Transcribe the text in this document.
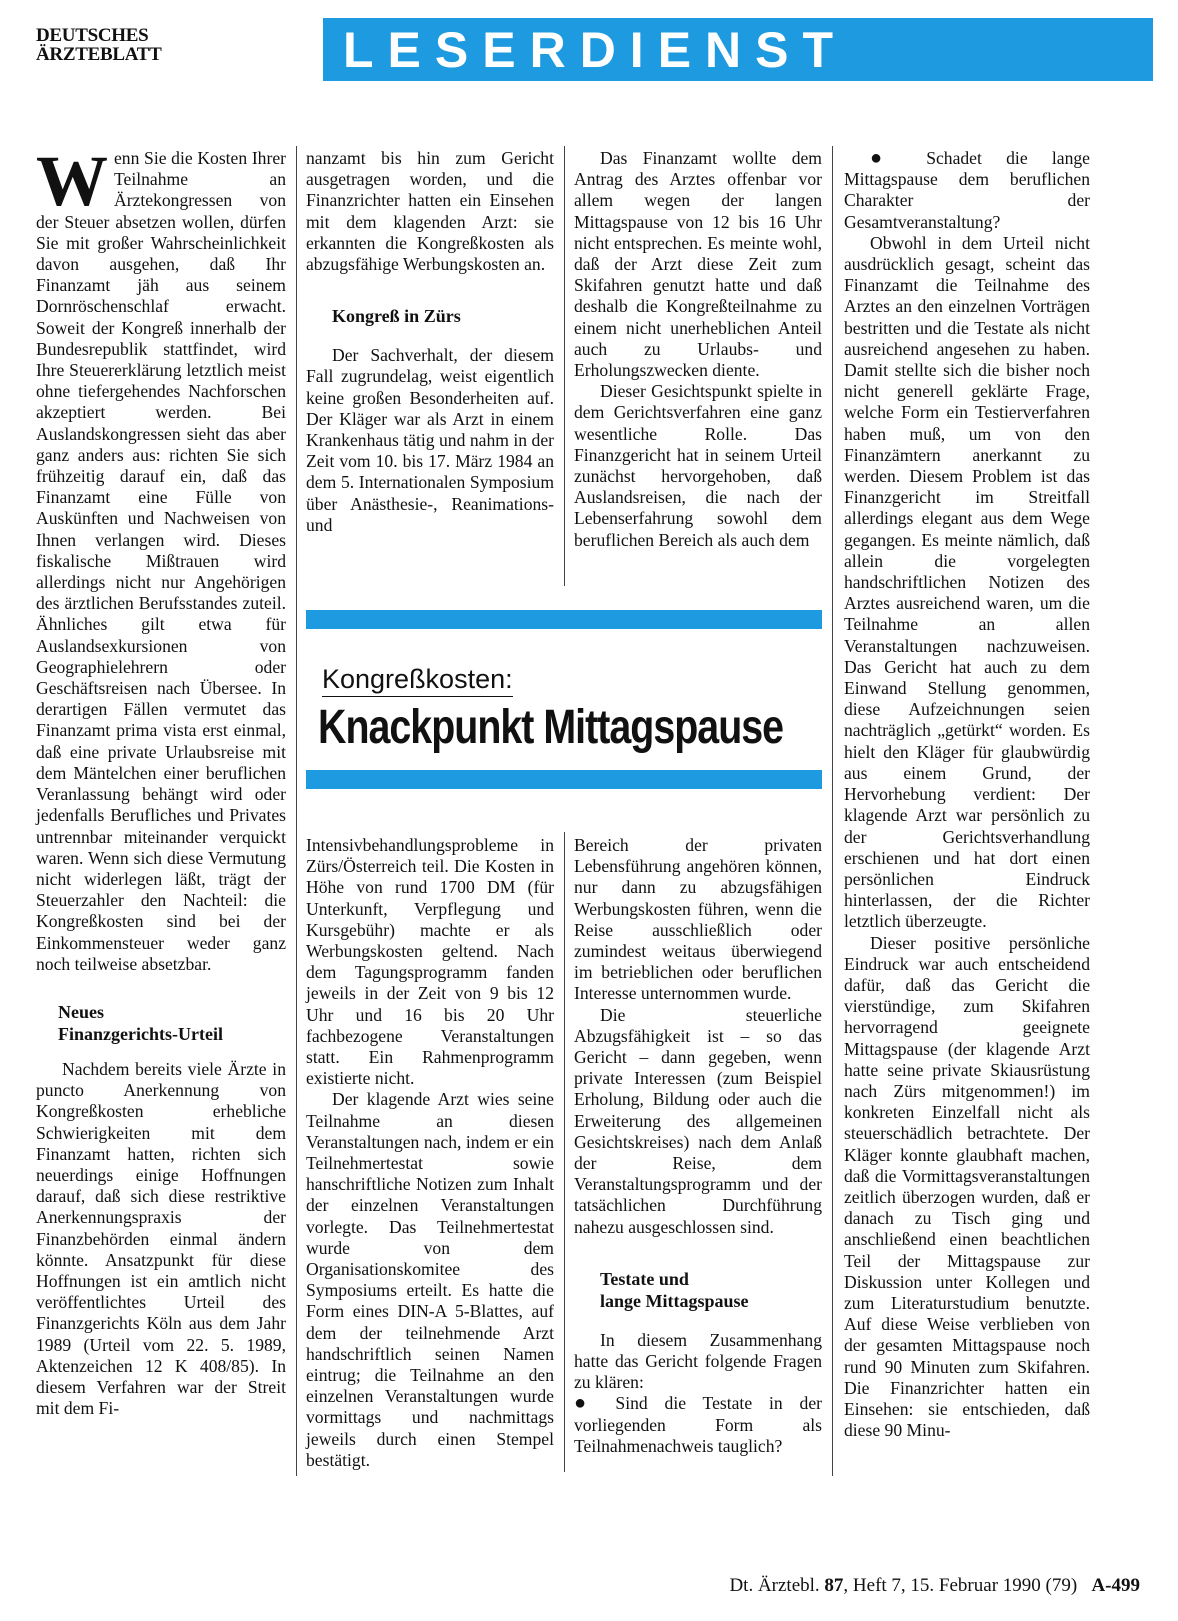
DEUTSCHES
ÄRZTEBLATT	LESERDIENST

Wenn Sie die Kosten Ihrer Teilnahme an Ärztekongressen von der Steuer absetzen wollen, dürfen Sie mit großer Wahrscheinlichkeit davon ausgehen, daß Ihr Finanzamt jäh aus seinem Dornröschenschlaf erwacht. Soweit der Kongreß innerhalb der Bundesrepublik stattfindet, wird Ihre Steuererklärung letztlich meist ohne tiefergehendes Nachforschen akzeptiert werden. Bei Auslandskongressen sieht das aber ganz anders aus: richten Sie sich frühzeitig darauf ein, daß das Finanzamt eine Fülle von Auskünften und Nachweisen von Ihnen verlangen wird. Dieses fiskalische Mißtrauen wird allerdings nicht nur Angehörigen des ärztlichen Berufsstandes zuteil. Ähnliches gilt etwa für Auslandsexkursionen von Geographielehrern oder Geschäftsreisen nach Übersee. In derartigen Fällen vermutet das Finanzamt prima vista erst einmal, daß eine private Urlaubsreise mit dem Mäntelchen einer beruflichen Veranlassung behängt wird oder jedenfalls Berufliches und Privates untrennbar miteinander verquickt waren. Wenn sich diese Vermutung nicht widerlegen läßt, trägt der Steuerzahler den Nachteil: die Kongreßkosten sind bei der Einkommensteuer weder ganz noch teilweise absetzbar.

Neues
Finanzgerichts-Urteil

Nachdem bereits viele Ärzte in puncto Anerkennung von Kongreßkosten erhebliche Schwierigkeiten mit dem Finanzamt hatten, richten sich neuerdings einige Hoffnungen darauf, daß sich diese restriktive Anerkennungspraxis der Finanzbehörden einmal ändern könnte. Ansatzpunkt für diese Hoffnungen ist ein amtlich nicht veröffentlichtes Urteil des Finanzgerichts Köln aus dem Jahr 1989 (Urteil vom 22. 5. 1989, Aktenzeichen 12 K 408/85). In diesem Verfahren war der Streit mit dem Fi-

nanzamt bis hin zum Gericht ausgetragen worden, und die Finanzrichter hatten ein Einsehen mit dem klagenden Arzt: sie erkannten die Kongreßkosten als abzugsfähige Werbungskosten an.

Kongreß in Zürs

Der Sachverhalt, der diesem Fall zugrundelag, weist eigentlich keine großen Besonderheiten auf. Der Kläger war als Arzt in einem Krankenhaus tätig und nahm in der Zeit vom 10. bis 17. März 1984 an dem 5. Internationalen Symposium über Anästhesie-, Reanimations- und

Das Finanzamt wollte dem Antrag des Arztes offenbar vor allem wegen der langen Mittagspause von 12 bis 16 Uhr nicht entsprechen. Es meinte wohl, daß der Arzt diese Zeit zum Skifahren genutzt hatte und daß deshalb die Kongreßteilnahme zu einem nicht unerheblichen Anteil auch zu Urlaubs- und Erholungszwecken diente.

Dieser Gesichtspunkt spielte in dem Gerichtsverfahren eine ganz wesentliche Rolle. Das Finanzgericht hat in seinem Urteil zunächst hervorgehoben, daß Auslandsreisen, die nach der Lebenserfahrung sowohl dem beruflichen Bereich als auch dem

Kongreßkosten:
Knackpunkt Mittagspause

Intensivbehandlungsprobleme in Zürs/Österreich teil. Die Kosten in Höhe von rund 1700 DM (für Unterkunft, Verpflegung und Kursgebühr) machte er als Werbungskosten geltend. Nach dem Tagungsprogramm fanden jeweils in der Zeit von 9 bis 12 Uhr und 16 bis 20 Uhr fachbezogene Veranstaltungen statt. Ein Rahmenprogramm existierte nicht.

Der klagende Arzt wies seine Teilnahme an diesen Veranstaltungen nach, indem er ein Teilnehmertestat sowie hanschriftliche Notizen zum Inhalt der einzelnen Veranstaltungen vorlegte. Das Teilnehmertestat wurde von dem Organisationskomitee des Symposiums erteilt. Es hatte die Form eines DIN-A 5-Blattes, auf dem der teilnehmende Arzt handschriftlich seinen Namen eintrug; die Teilnahme an den einzelnen Veranstaltungen wurde vormittags und nachmittags jeweils durch einen Stempel bestätigt.

Bereich der privaten Lebensführung angehören können, nur dann zu abzugsfähigen Werbungskosten führen, wenn die Reise ausschließlich oder zumindest weitaus überwiegend im betrieblichen oder beruflichen Interesse unternommen wurde.

Die steuerliche Abzugsfähigkeit ist – so das Gericht – dann gegeben, wenn private Interessen (zum Beispiel Erholung, Bildung oder auch die Erweiterung des allgemeinen Gesichtskreises) nach dem Anlaß der Reise, dem Veranstaltungsprogramm und der tatsächlichen Durchführung nahezu ausgeschlossen sind.

Testate und
lange Mittagspause

In diesem Zusammenhang hatte das Gericht folgende Fragen zu klären:

● Sind die Testate in der vorliegenden Form als Teilnahmenachweis tauglich?

● Schadet die lange Mittagspause dem beruflichen Charakter der Gesamtveranstaltung?

Obwohl in dem Urteil nicht ausdrücklich gesagt, scheint das Finanzamt die Teilnahme des Arztes an den einzelnen Vorträgen bestritten und die Testate als nicht ausreichend angesehen zu haben. Damit stellte sich die bisher noch nicht generell geklärte Frage, welche Form ein Testierverfahren haben muß, um von den Finanzämtern anerkannt zu werden. Diesem Problem ist das Finanzgericht im Streitfall allerdings elegant aus dem Wege gegangen. Es meinte nämlich, daß allein die vorgelegten handschriftlichen Notizen des Arztes ausreichend waren, um die Teilnahme an allen Veranstaltungen nachzuweisen. Das Gericht hat auch zu dem Einwand Stellung genommen, diese Aufzeichnungen seien nachträglich „getürkt“ worden. Es hielt den Kläger für glaubwürdig aus einem Grund, der Hervorhebung verdient: Der klagende Arzt war persönlich zu der Gerichtsverhandlung erschienen und hat dort einen persönlichen Eindruck hinterlassen, der die Richter letztlich überzeugte.

Dieser positive persönliche Eindruck war auch entscheidend dafür, daß das Gericht die vierstündige, zum Skifahren hervorragend geeignete Mittagspause (der klagende Arzt hatte seine private Skiausrüstung nach Zürs mitgenommen!) im konkreten Einzelfall nicht als steuerschädlich betrachtete. Der Kläger konnte glaubhaft machen, daß die Vormittagsveranstaltungen zeitlich überzogen wurden, daß er danach zu Tisch ging und anschließend einen beachtlichen Teil der Mittagspause zur Diskussion unter Kollegen und zum Literaturstudium benutzte. Auf diese Weise verblieben von der gesamten Mittagspause noch rund 90 Minuten zum Skifahren. Die Finanzrichter hatten ein Einsehen: sie entschieden, daß diese 90 Minu-

Dt. Ärztebl. 87, Heft 7, 15. Februar 1990 (79) A-499
